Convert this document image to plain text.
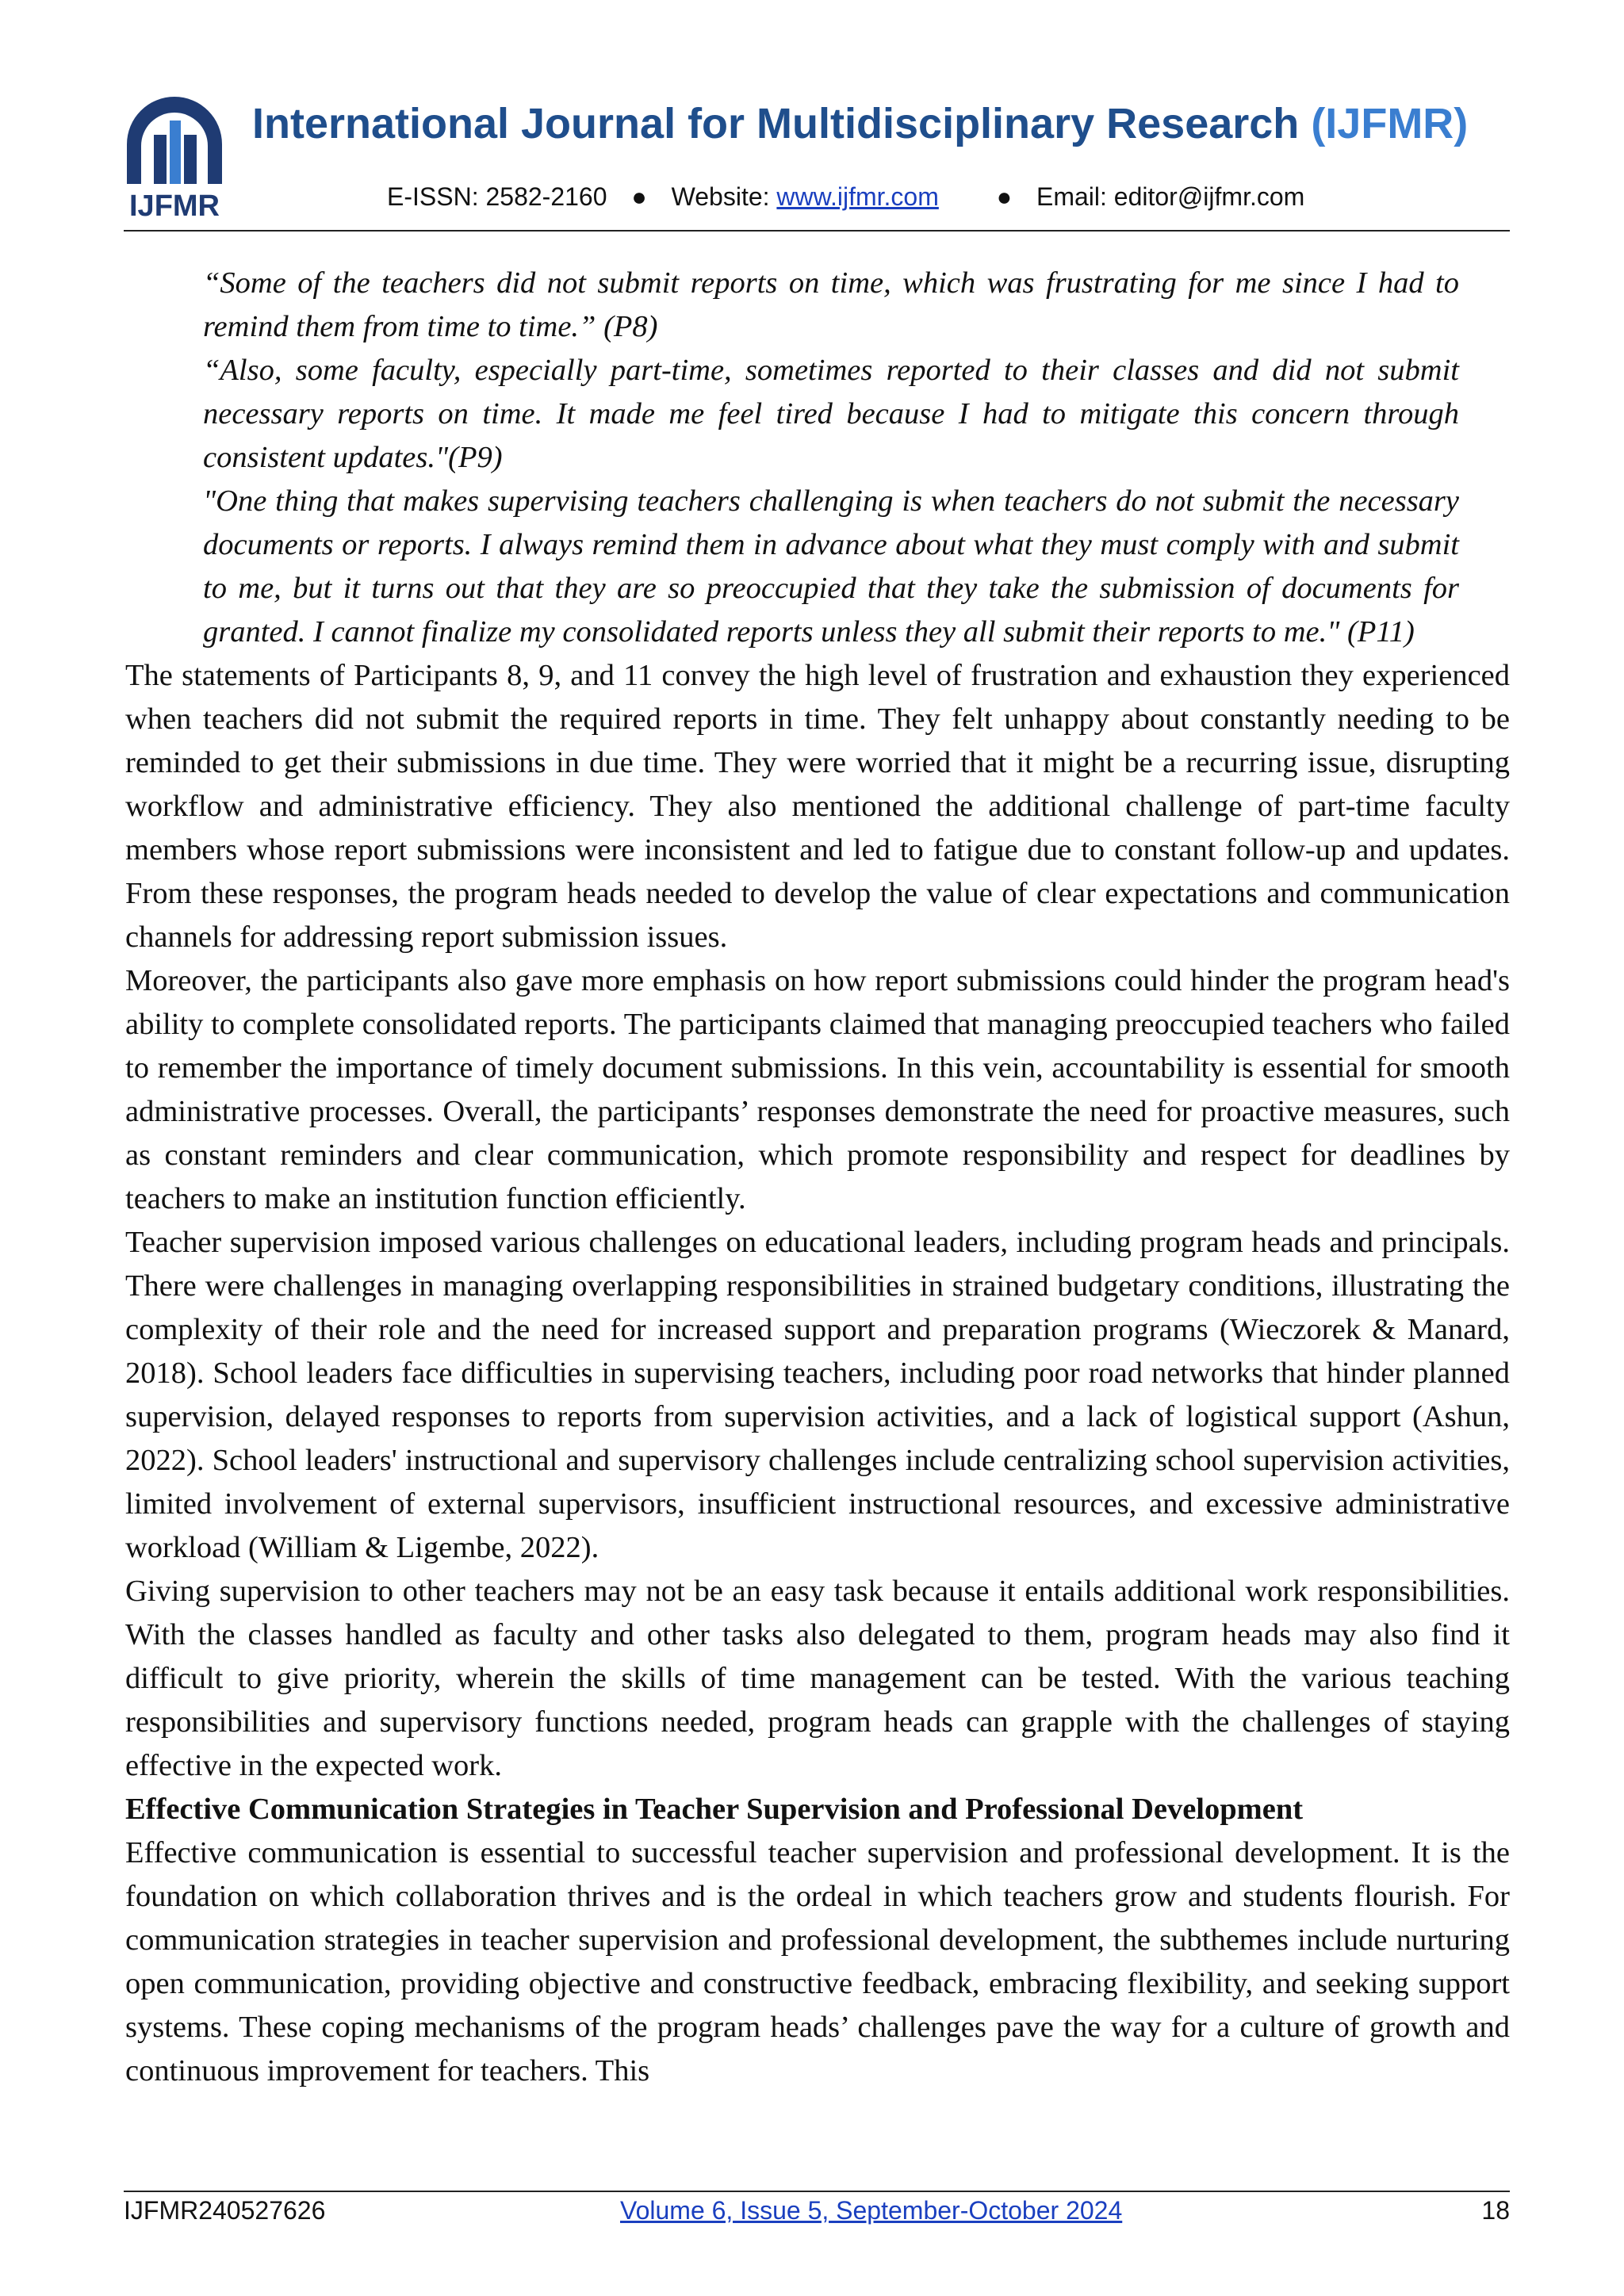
IJFMR
International Journal for Multidisciplinary Research (IJFMR)
E-ISSN: 2582-2160 ● Website: www.ijfmr.com ● Email: editor@ijfmr.com
“Some of the teachers did not submit reports on time, which was frustrating for me since I had to remind them from time to time.” (P8)
“Also, some faculty, especially part-time, sometimes reported to their classes and did not submit necessary reports on time. It made me feel tired because I had to mitigate this concern through consistent updates."(P9)
"One thing that makes supervising teachers challenging is when teachers do not submit the necessary documents or reports. I always remind them in advance about what they must comply with and submit to me, but it turns out that they are so preoccupied that they take the submission of documents for granted. I cannot finalize my consolidated reports unless they all submit their reports to me." (P11)

The statements of Participants 8, 9, and 11 convey the high level of frustration and exhaustion they experienced when teachers did not submit the required reports in time. They felt unhappy about constantly needing to be reminded to get their submissions in due time. They were worried that it might be a recurring issue, disrupting workflow and administrative efficiency. They also mentioned the additional challenge of part-time faculty members whose report submissions were inconsistent and led to fatigue due to constant follow-up and updates. From these responses, the program heads needed to develop the value of clear expectations and communication channels for addressing report submission issues.

Moreover, the participants also gave more emphasis on how report submissions could hinder the program head's ability to complete consolidated reports. The participants claimed that managing preoccupied teachers who failed to remember the importance of timely document submissions. In this vein, accountability is essential for smooth administrative processes. Overall, the participants’ responses demonstrate the need for proactive measures, such as constant reminders and clear communication, which promote responsibility and respect for deadlines by teachers to make an institution function efficiently.

Teacher supervision imposed various challenges on educational leaders, including program heads and principals. There were challenges in managing overlapping responsibilities in strained budgetary conditions, illustrating the complexity of their role and the need for increased support and preparation programs (Wieczorek & Manard, 2018). School leaders face difficulties in supervising teachers, including poor road networks that hinder planned supervision, delayed responses to reports from supervision activities, and a lack of logistical support (Ashun, 2022). School leaders' instructional and supervisory challenges include centralizing school supervision activities, limited involvement of external supervisors, insufficient instructional resources, and excessive administrative workload (William & Ligembe, 2022).

Giving supervision to other teachers may not be an easy task because it entails additional work responsibilities. With the classes handled as faculty and other tasks also delegated to them, program heads may also find it difficult to give priority, wherein the skills of time management can be tested. With the various teaching responsibilities and supervisory functions needed, program heads can grapple with the challenges of staying effective in the expected work.

Effective Communication Strategies in Teacher Supervision and Professional Development

Effective communication is essential to successful teacher supervision and professional development. It is the foundation on which collaboration thrives and is the ordeal in which teachers grow and students flourish. For communication strategies in teacher supervision and professional development, the subthemes include nurturing open communication, providing objective and constructive feedback, embracing flexibility, and seeking support systems. These coping mechanisms of the program heads’ challenges pave the way for a culture of growth and continuous improvement for teachers. This

IJFMR240527626	Volume 6, Issue 5, September-October 2024	18
